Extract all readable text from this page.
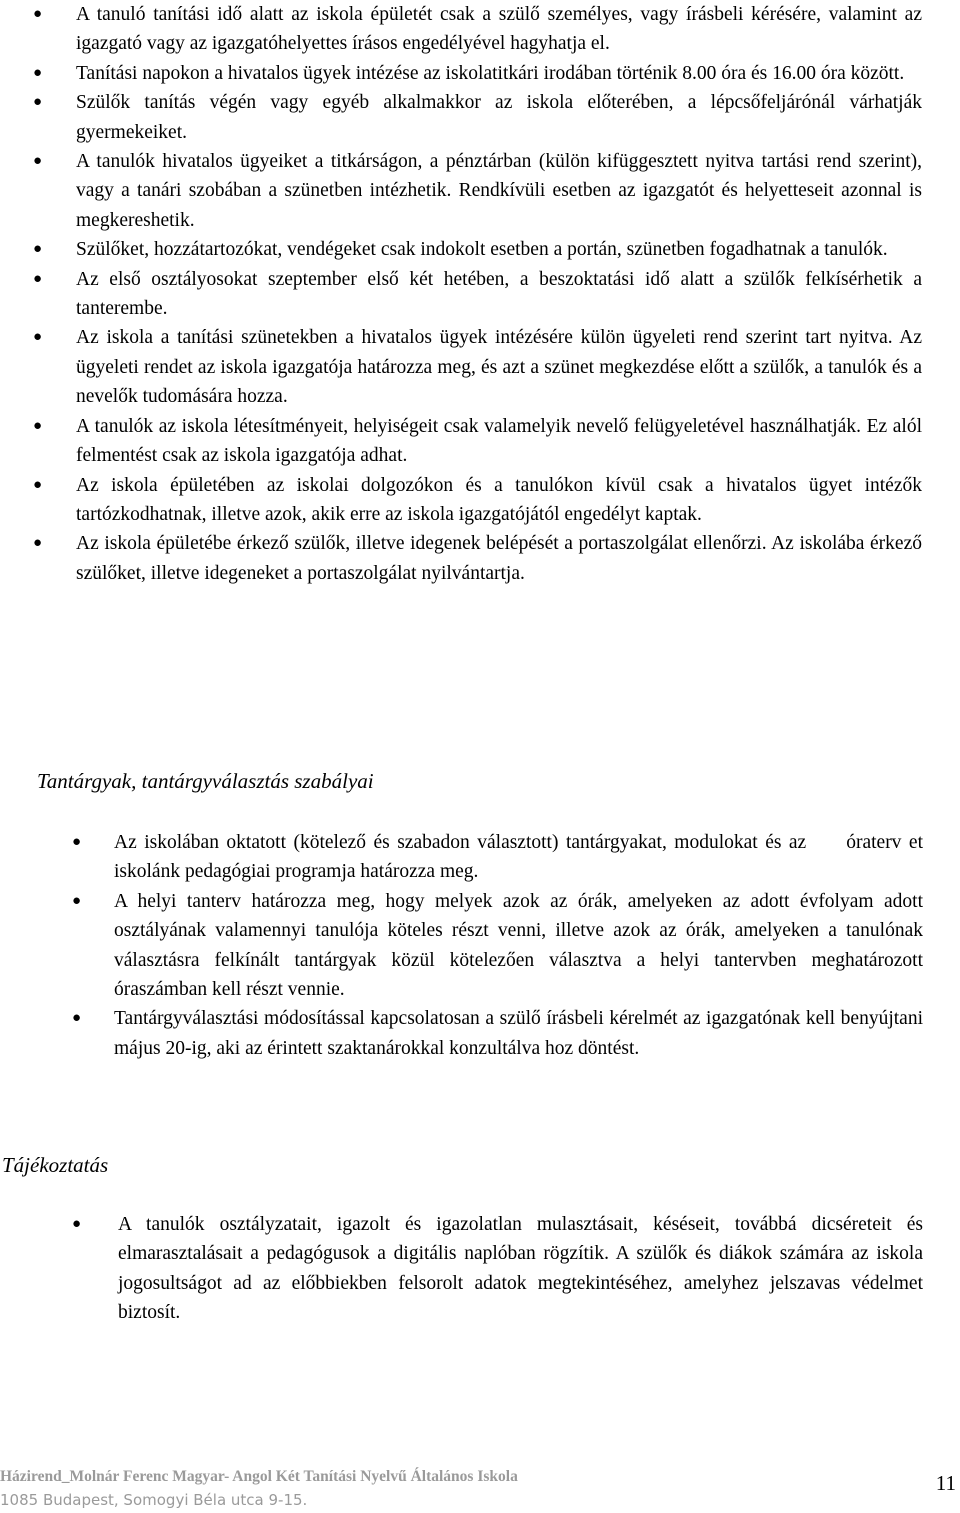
● A tanuló tanítási idő alatt az iskola épületét csak a szülő személyes, vagy írásbeli kérésére, valamint az igazgató vagy az igazgatóhelyettes írásos engedélyével hagyhatja el.
● Tanítási napokon a hivatalos ügyek intézése az iskolatitkári irodában történik 8.00 óra és 16.00 óra között.
● Szülők tanítás végén vagy egyéb alkalmakkor az iskola előterében, a lépcsőfeljárónál várhatják gyermekeiket.
● A tanulók hivatalos ügyeiket a titkárságon, a pénztárban (külön kifüggesztett nyitva tartási rend szerint), vagy a tanári szobában a szünetben intézhetik. Rendkívüli esetben az igazgatót és helyetteseit azonnal is megkereshetik.
● Szülőket, hozzátartozókat, vendégeket csak indokolt esetben a portán, szünetben fogadhatnak a tanulók.
● Az első osztályosokat szeptember első két hetében, a beszoktatási idő alatt a szülők felkísérhetik a tanterembe.
● Az iskola a tanítási szünetekben a hivatalos ügyek intézésére külön ügyeleti rend szerint tart nyitva. Az ügyeleti rendet az iskola igazgatója határozza meg, és azt a szünet megkezdése előtt a szülők, a tanulók és a nevelők tudomására hozza.
● A tanulók az iskola létesítményeit, helyiségeit csak valamelyik nevelő felügyeletével használhatják. Ez alól felmentést csak az iskola igazgatója adhat.
● Az iskola épületében az iskolai dolgozókon és a tanulókon kívül csak a hivatalos ügyet intézők tartózkodhatnak, illetve azok, akik erre az iskola igazgatójától engedélyt kaptak.
● Az iskola épületébe érkező szülők, illetve idegenek belépését a portaszolgálat ellenőrzi. Az iskolába érkező szülőket, illetve idegeneket a portaszolgálat nyilvántartja.
Tantárgyak, tantárgyválasztás szabályai
● Az iskolában oktatott (kötelező és szabadon választott) tantárgyakat, modulokat és az óraterv et iskolánk pedagógiai programja határozza meg.
● A helyi tanterv határozza meg, hogy melyek azok az órák, amelyeken az adott évfolyam adott osztályának valamennyi tanulója köteles részt venni, illetve azok az órák, amelyeken a tanulónak választásra felkínált tantárgyak közül kötelezően választva a helyi tantervben meghatározott óraszámban kell részt vennie.
● Tantárgyválasztási módosítással kapcsolatosan a szülő írásbeli kérelmét az igazgatónak kell benyújtani május 20-ig, aki az érintett szaktanárokkal konzultálva hoz döntést.
Tájékoztatás
● A tanulók osztályzatait, igazolt és igazolatlan mulasztásait, késéseit, továbbá dicséreteit és elmarasztalásait a pedagógusok a digitális naplóban rögzítik. A szülők és diákok számára az iskola jogosultságot ad az előbbiekben felsorolt adatok megtekintéséhez, amelyhez jelszavas védelmet biztosít.
Házirend_Molnár Ferenc Magyar- Angol Két Tanítási Nyelvű Általános Iskola
1085 Budapest, Somogyi Béla utca 9-15.
11
